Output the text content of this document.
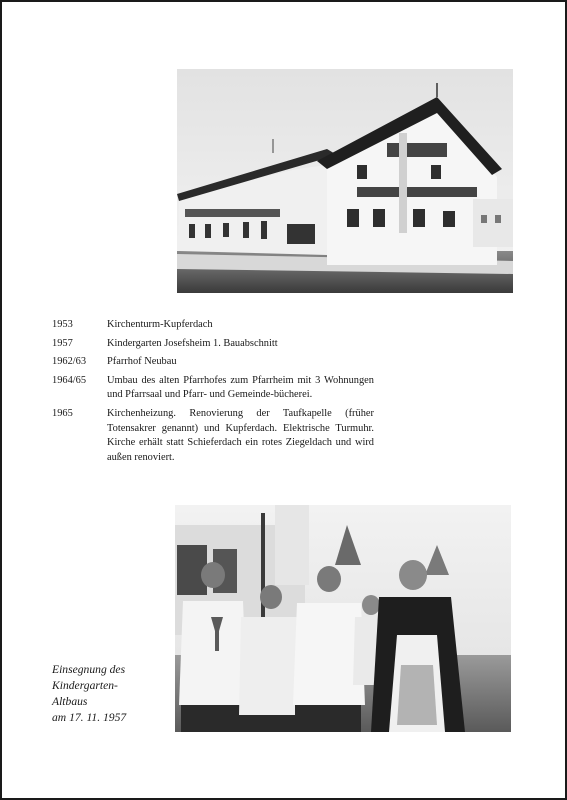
1953	Kirchenturm-Kupferdach
1957	Kindergarten Josefsheim 1. Bauabschnitt
1962/63	Pfarrhof Neubau
1964/65	Umbau des alten Pfarrhofes zum Pfarrheim mit 3 Wohnungen und Pfarrsaal und Pfarr- und Gemeinde-bücherei.
1965	Kirchenheizung. Renovierung der Taufkapelle (früher Totensakrer genannt) und Kupferdach. Elektrische Turmuhr. Kirche erhält statt Schieferdach ein rotes Ziegeldach und wird außen renoviert.
Einsegnung des
Kindergarten-
Altbaus
am 17. 11. 1957
